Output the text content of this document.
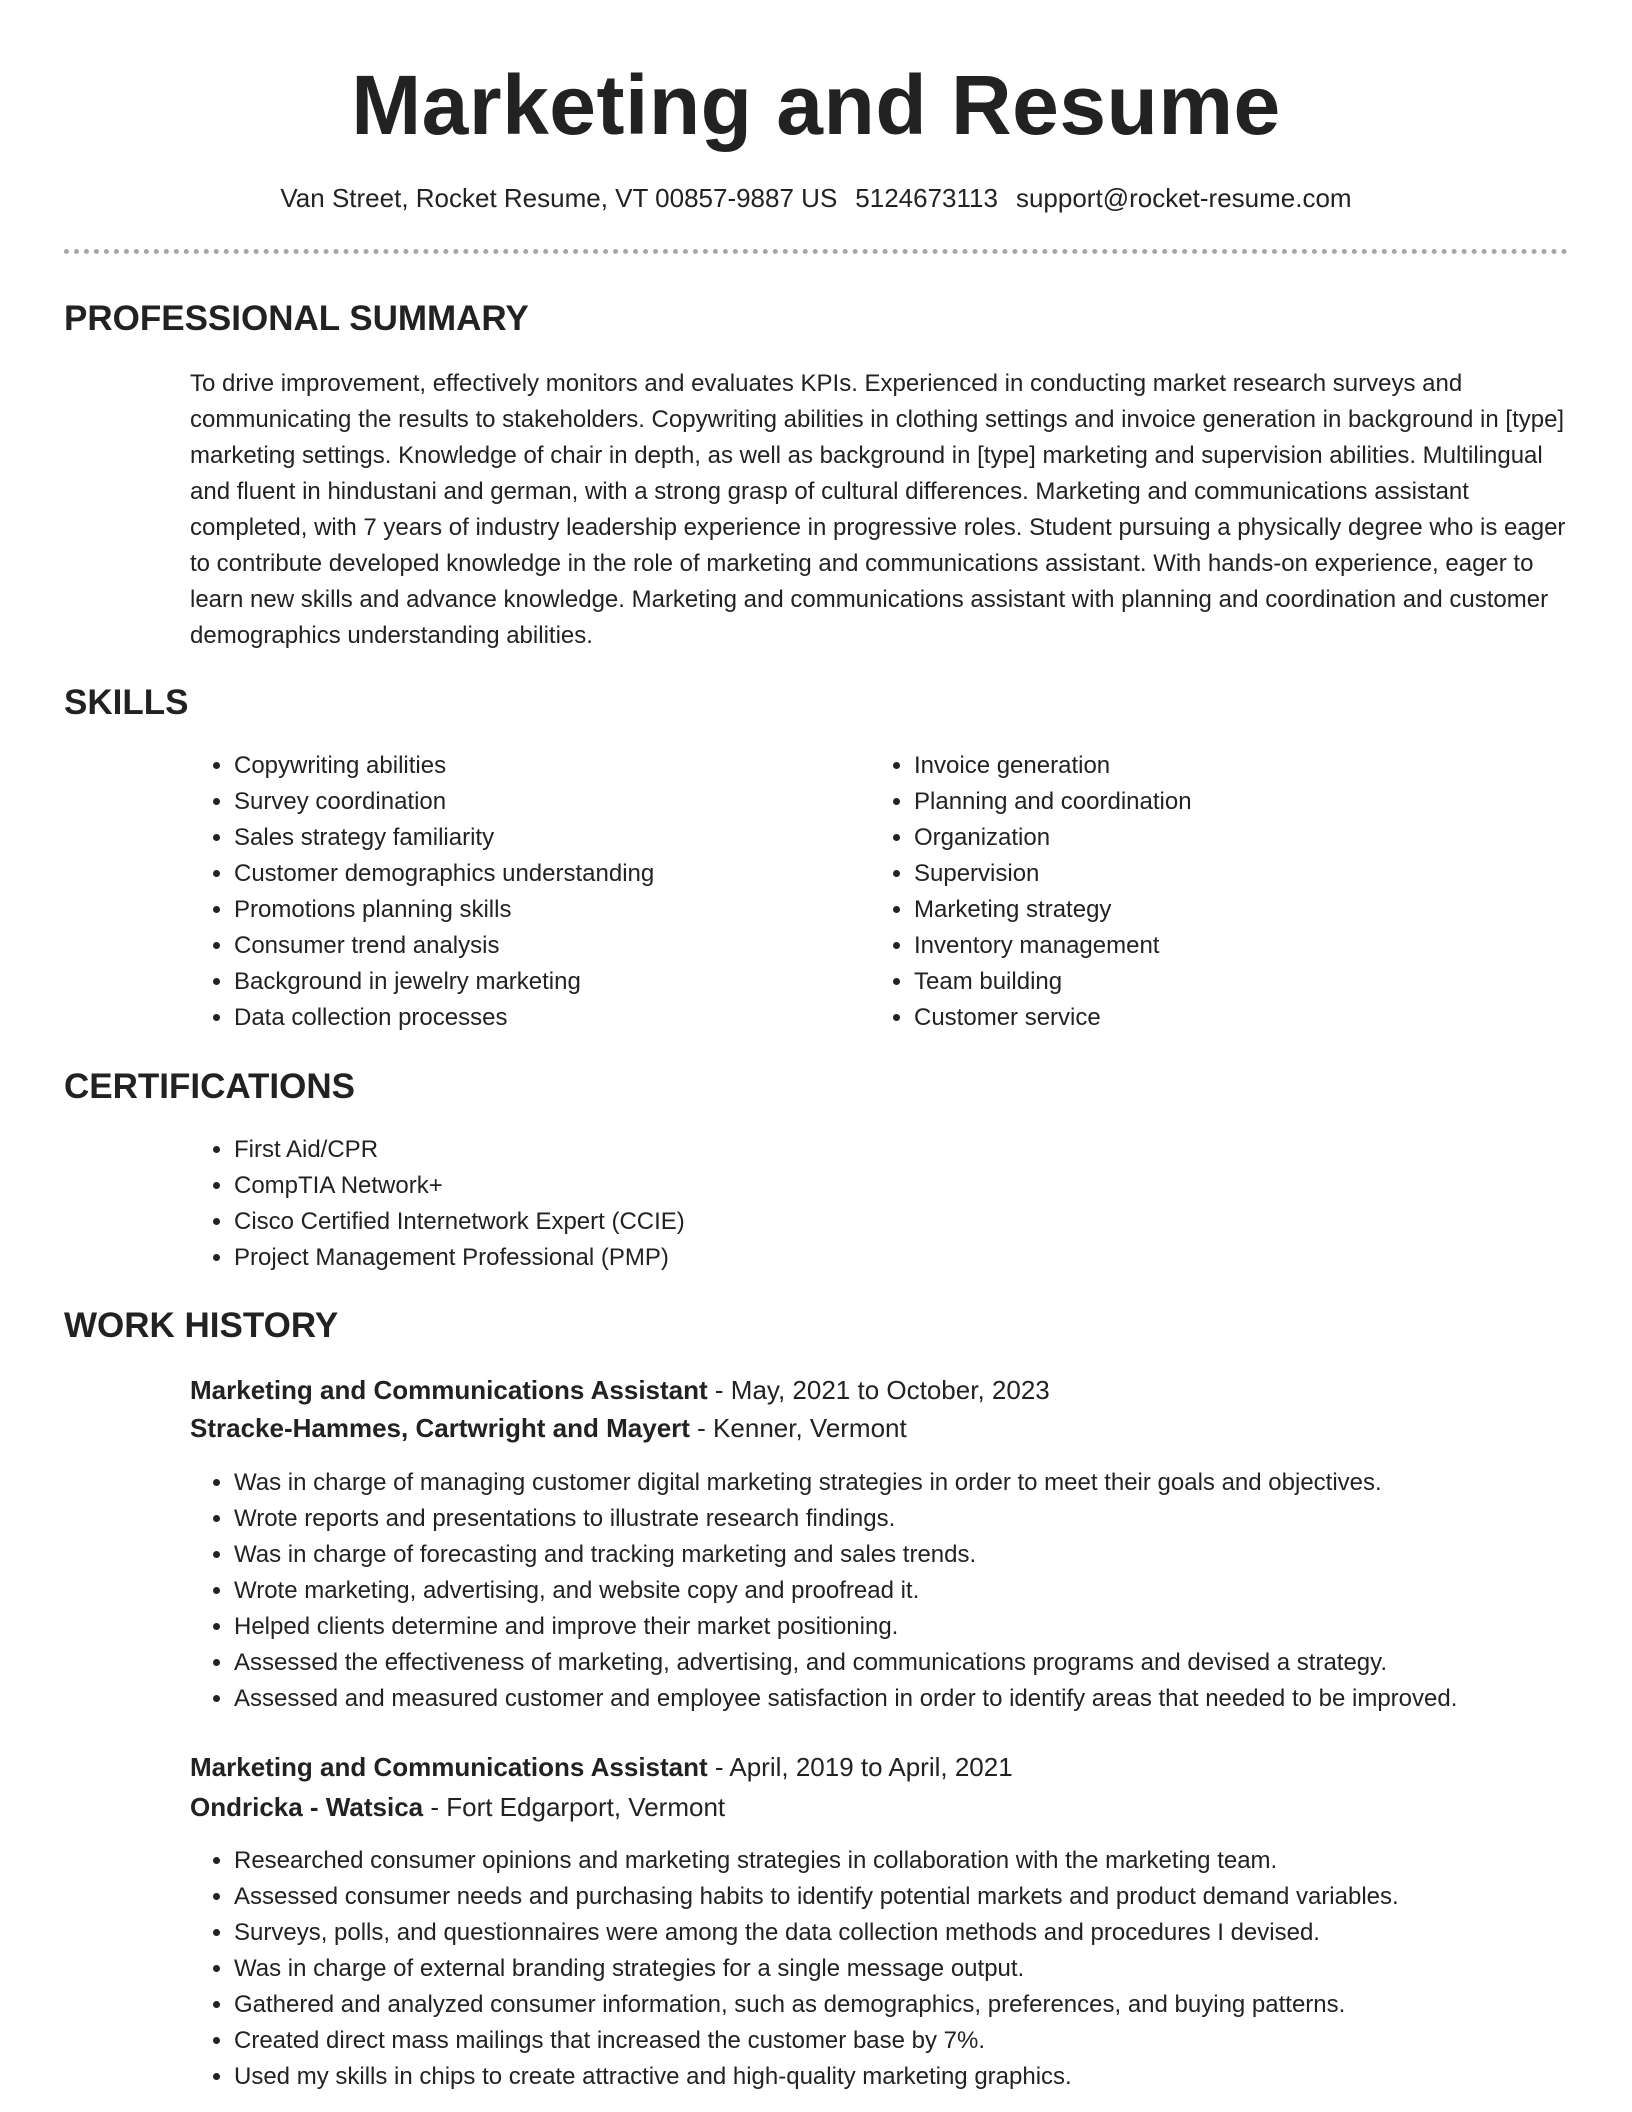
Marketing and Resume
Van Street, Rocket Resume, VT 00857-9887 US 5124673113 support@rocket-resume.com
PROFESSIONAL SUMMARY

To drive improvement, effectively monitors and evaluates KPIs. Experienced in conducting market research surveys and communicating the results to stakeholders. Copywriting abilities in clothing settings and invoice generation in background in [type] marketing settings. Knowledge of chair in depth, as well as background in [type] marketing and supervision abilities. Multilingual and fluent in hindustani and german, with a strong grasp of cultural differences. Marketing and communications assistant completed, with 7 years of industry leadership experience in progressive roles. Student pursuing a physically degree who is eager to contribute developed knowledge in the role of marketing and communications assistant. With hands-on experience, eager to learn new skills and advance knowledge. Marketing and communications assistant with planning and coordination and customer demographics understanding abilities.

SKILLS
• Copywriting abilities
• Survey coordination
• Sales strategy familiarity
• Customer demographics understanding
• Promotions planning skills
• Consumer trend analysis
• Background in jewelry marketing
• Data collection processes
• Invoice generation
• Planning and coordination
• Organization
• Supervision
• Marketing strategy
• Inventory management
• Team building
• Customer service
CERTIFICATIONS
• First Aid/CPR
• CompTIA Network+
• Cisco Certified Internetwork Expert (CCIE)
• Project Management Professional (PMP)
WORK HISTORY
Marketing and Communications Assistant - May, 2021 to October, 2023
Stracke-Hammes, Cartwright and Mayert - Kenner, Vermont
• Was in charge of managing customer digital marketing strategies in order to meet their goals and objectives.
• Wrote reports and presentations to illustrate research findings.
• Was in charge of forecasting and tracking marketing and sales trends.
• Wrote marketing, advertising, and website copy and proofread it.
• Helped clients determine and improve their market positioning.
• Assessed the effectiveness of marketing, advertising, and communications programs and devised a strategy.
• Assessed and measured customer and employee satisfaction in order to identify areas that needed to be improved.
Marketing and Communications Assistant - April, 2019 to April, 2021
Ondricka - Watsica - Fort Edgarport, Vermont
• Researched consumer opinions and marketing strategies in collaboration with the marketing team.
• Assessed consumer needs and purchasing habits to identify potential markets and product demand variables.
• Surveys, polls, and questionnaires were among the data collection methods and procedures I devised.
• Was in charge of external branding strategies for a single message output.
• Gathered and analyzed consumer information, such as demographics, preferences, and buying patterns.
• Created direct mass mailings that increased the customer base by 7%.
• Used my skills in chips to create attractive and high-quality marketing graphics.
